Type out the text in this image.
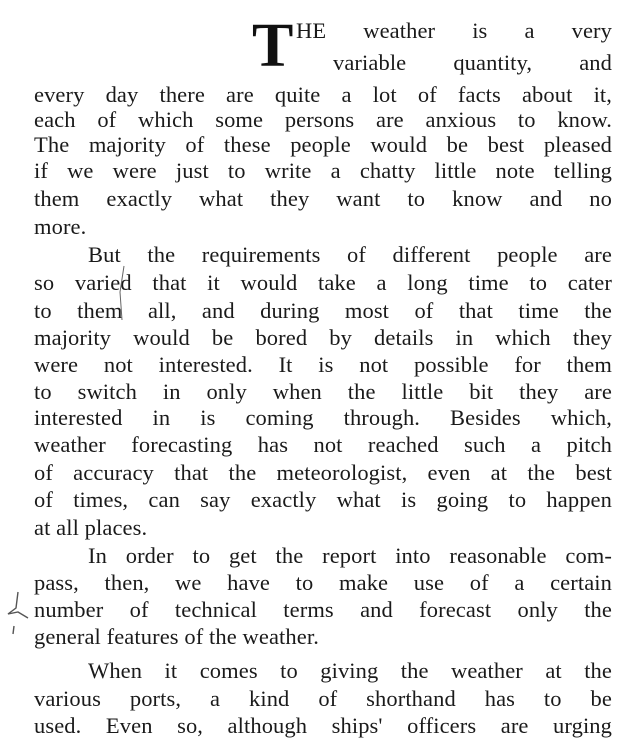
T HE weather is a very
variable quantity, and
every day there are quite a lot of facts about it,
each of which some persons are anxious to know.
The majority of these people would be best pleased
if we were just to write a chatty little note telling
them exactly what they want to know and no
more.
But the requirements of different people are
so varied that it would take a long time to cater
to them all, and during most of that time the
majority would be bored by details in which they
were not interested. It is not possible for them
to switch in only when the little bit they are
interested in is coming through. Besides which,
weather forecasting has not reached such a pitch
of accuracy that the meteorologist, even at the best
of times, can say exactly what is going to happen
at all places.
In order to get the report into reasonable com-
pass, then, we have to make use of a certain
number of technical terms and forecast only the
general features of the weather.
When it comes to giving the weather at the
various ports, a kind of shorthand has to be
used. Even so, although ships' officers are urging
